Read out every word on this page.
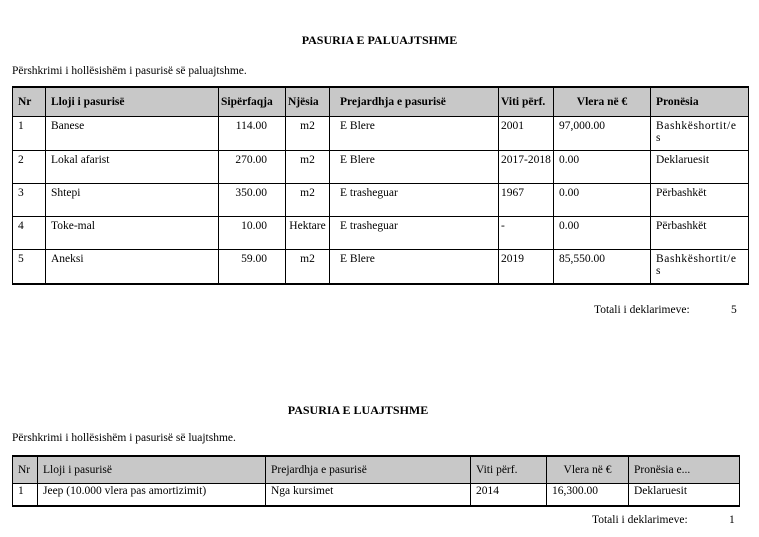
PASURIA E PALUAJTSHME
Përshkrimi i hollësishëm i pasurisë së paluajtshme.
Nr	Lloji i pasurisë	Sipërfaqja	Njësia	Prejardhja e pasurisë	Viti përf.	Vlera në €	Pronësia
1	Banese	114.00	m2	E Blere	2001	97,000.00	Bashkëshortit/e
s
2	Lokal afarist	270.00	m2	E Blere	2017-2018	0.00	Deklaruesit
3	Shtepi	350.00	m2	E trasheguar	1967	0.00	Përbashkët
4	Toke-mal	10.00	Hektare	E trasheguar	-	0.00	Përbashkët
5	Aneksi	59.00	m2	E Blere	2019	85,550.00	Bashkëshortit/e
s
Totali i deklarimeve:	5
PASURIA E LUAJTSHME
Përshkrimi i hollësishëm i pasurisë së luajtshme.
Nr	Lloji i pasurisë	Prejardhja e pasurisë	Viti përf.	Vlera në €	Pronësia e...
1	Jeep (10.000 vlera pas amortizimit)	Nga kursimet	2014	16,300.00	Deklaruesit
Totali i deklarimeve:	1
